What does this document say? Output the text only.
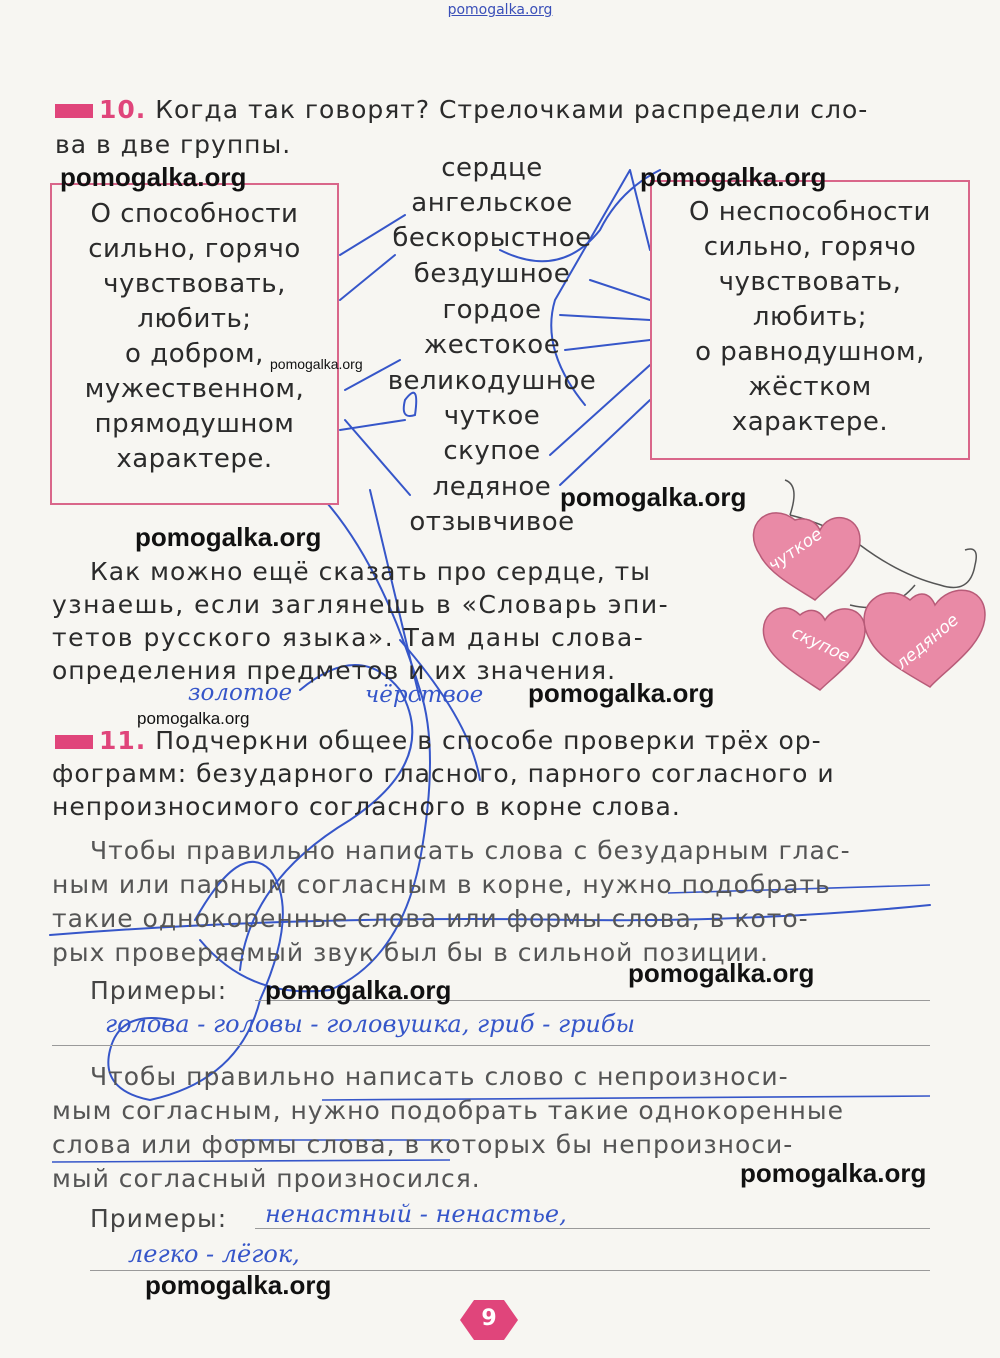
pomogalka.org
10. Когда так говорят? Стрелочками распредели сло-
ва в две группы.
О способности
сильно, горячо
чувствовать,
любить;
о добром,
мужественном,
прямодушном
характере.
О неспособности
сильно, горячо
чувствовать,
любить;
о равнодушном,
жёстком
характере.
сердце
ангельское
бескорыстное
бездушное
гордое
жестокое
великодушное
чуткое
скупое
ледяное
отзывчивое
Как можно ещё сказать про сердце, ты
узнаешь, если заглянешь в «Словарь эпи-
тетов русского языка». Там даны слова-
определения предметов и их значения.
чуткое
скупое ледяное
золотое	чёрствое
11. Подчеркни общее в способе проверки трёх ор-
фограмм: безударного гласного, парного согласного и
непроизносимого согласного в корне слова.
Чтобы правильно написать слова с безударным глас-
ным или парным согласным в корне, нужно подобрать
такие однокоренные слова или формы слова, в кото-
рых проверяемый звук был бы в сильной позиции.
Примеры:
голова - головы - головушка, гриб - грибы
Чтобы правильно написать слово с непроизноси-
мым согласным, нужно подобрать такие однокоренные
слова или формы слова, в которых бы непроизноси-
мый согласный произносился.
Примеры: ненастный - ненастье,
легко - лёгок,
9
pomogalka.org	pomogalka.org
pomogalka.org
pomogalka.org
pomogalka.org
pomogalka.org
pomogalka.org
pomogalka.org
pomogalka.org
pomogalka.org
pomogalka.org
